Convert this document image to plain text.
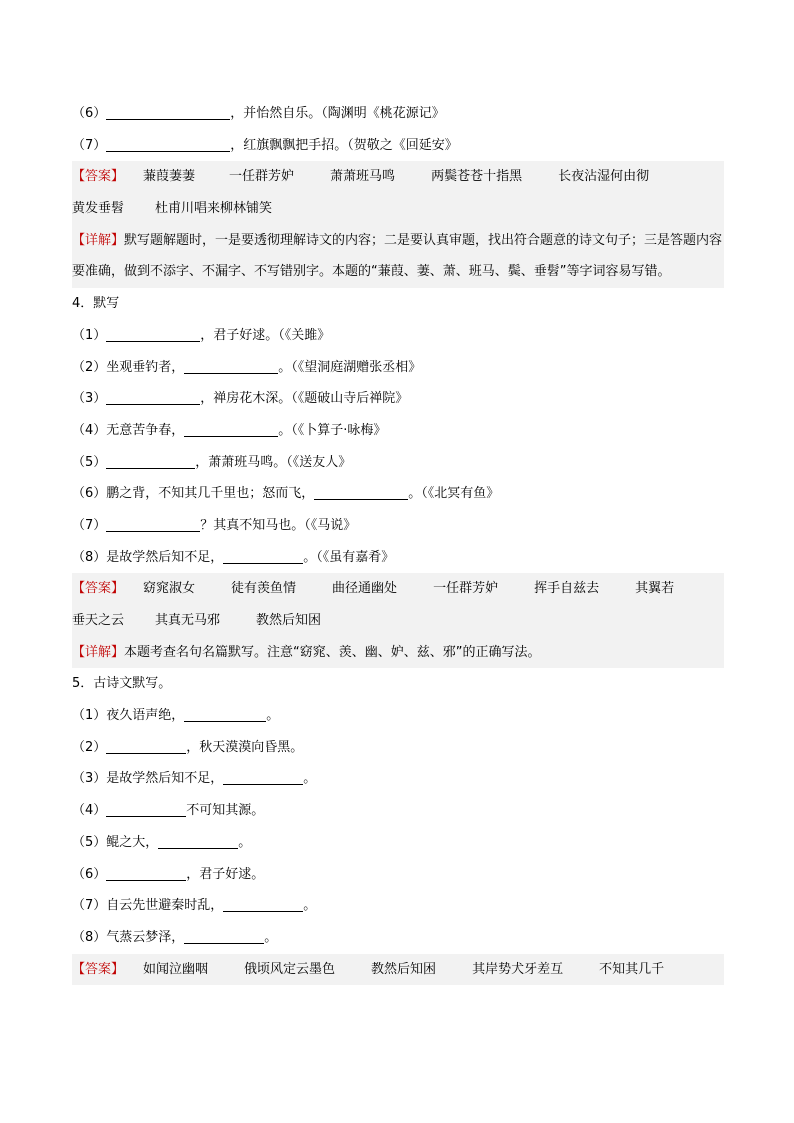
（6）	，并怡然自乐。（陶渊明《桃花源记》
（7）	，红旗飘飘把手招。（贺敬之《回延安》
【答案】 蒹葭萋萋	一任群芳妒	萧萧班马鸣	两鬓苍苍十指黑	长夜沾湿何由彻
黄发垂髫 杜甫川唱来柳林铺笑
【详解】默写题解题时，一是要透彻理解诗文的内容；二是要认真审题，找出符合题意的诗文句子；三是答题内容要准确，做到不添字、不漏字、不写错别字。本题的“蒹葭、萋、萧、班马、鬓、垂髫”等字词容易写错。
4．默写
（1）	，君子好逑。（《关雎》
（2）坐观垂钓者，	。（《望洞庭湖赠张丞相》
（3）	，禅房花木深。（《题破山寺后禅院》
（4）无意苦争春，	。（《卜算子·咏梅》
（5）	，萧萧班马鸣。（《送友人》
（6）鹏之背，不知其几千里也；怒而飞，	。（《北冥有鱼》
（7）	？其真不知马也。（《马说》
（8）是故学然后知不足，	。（《虽有嘉肴》
【答案】 窈窕淑女	徒有羡鱼情	曲径通幽处	一任群芳妒	挥手自兹去	其翼若
垂天之云 其真无马邪	教然后知困
【详解】本题考查名句名篇默写。注意“窈窕、羡、幽、妒、兹、邪”的正确写法。
5．古诗文默写。
（1）夜久语声绝，	。
（2）	，秋天漠漠向昏黑。
（3）是故学然后知不足，	。
（4）	不可知其源。
（5）鲲之大，	。
（6）	，君子好逑。
（7）自云先世避秦时乱，	。
（8）气蒸云梦泽，	。
【答案】 如闻泣幽咽	俄顷风定云墨色	教然后知困	其岸势犬牙差互	不知其几千
